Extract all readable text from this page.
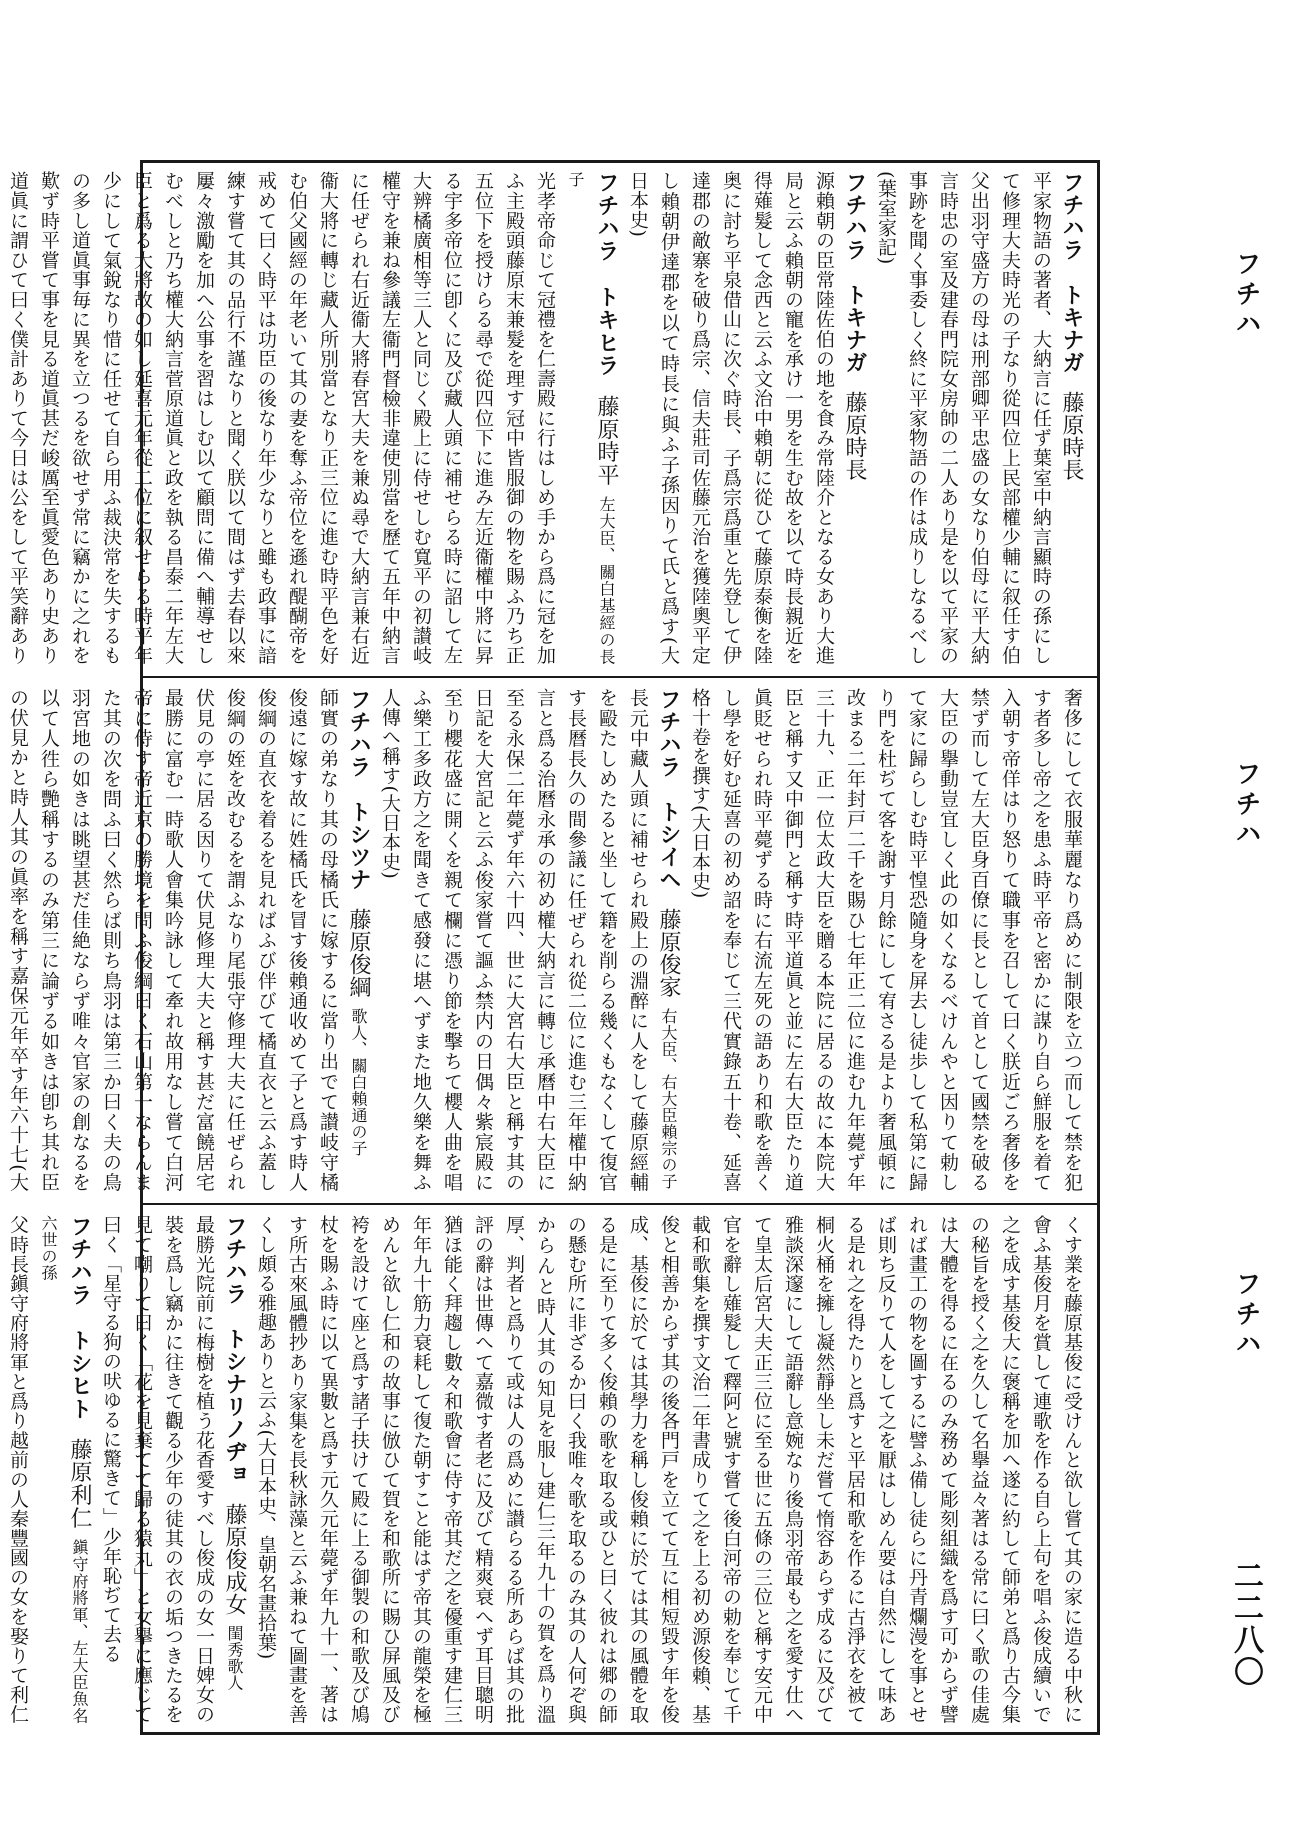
フチハ
フチハ
フチハ

フチハラ　トキナガ藤原時長

平家物語の著者、大納言に任ず葉室中納言顯時の孫にして修理大夫時光の子なり從四位上民部權少輔に叙任す伯父出羽守盛方の母は刑部卿平忠盛の女なり伯母に平大納言時忠の室及建春門院女房帥の二人あり是を以て平家の事跡を聞く事委しく終に平家物語の作は成りしなるべし(葉室家記)

フチハラ　トキナガ藤原時長

源賴朝の臣常陸佐伯の地を食み常陸介となる女あり大進局と云ふ賴朝の寵を承け一男を生む故を以て時長親近を得薙髮して念西と云ふ文治中賴朝に從ひて藤原泰衡を陸奥に討ち平泉借山に次ぐ時長、子爲宗爲重と先登して伊達郡の敵寨を破り爲宗、信夫莊司佐藤元治を獲陸奧平定し賴朝伊達郡を以て時長に與ふ子孫因りて氏と爲す(大日本史)

フチハラ　トキヒラ藤原時平左大臣、關白基經の長子

光孝帝命じて冠禮を仁壽殿に行はしめ手から爲に冠を加ふ主殿頭藤原末兼髮を理す冠中皆服御の物を賜ふ乃ち正五位下を授けらる尋で從四位下に進み左近衞權中將に昇る宇多帝位に卽くに及び藏人頭に補せらる時に詔して左大辨橘廣相等三人と同じく殿上に侍せしむ寬平の初讃岐權守を兼ね參議左衞門督檢非違使別當を歷て五年中納言に任ぜられ右近衞大將春宮大夫を兼ぬ尋で大納言兼右近衞大將に轉じ藏人所別當となり正三位に進む時平色を好む伯父國經の年老いて其の妻を奪ふ帝位を遜れ醍醐帝を戒めて曰く時平は功臣の後なり年少なりと雖も政事に諳練す嘗て其の品行不謹なりと聞く朕以て間はず去春以來屢々激勵を加へ公事を習はしむ以て顧問に備へ輔導せしむべしと乃ち權大納言菅原道眞と政を執る昌泰二年左大臣と爲る大將故の如し延喜元年從二位に叙せらる時平年少にして氣銳なり惜に任せて自ら用ふ裁決常を失するもの多し道眞事毎に異を立つるを欲せず常に竊かに之れを歎ず時平嘗て事を見る道眞甚だ峻厲至眞愛色あり史あり道眞に謂ひて曰く僕計ありて今日は公をして平笑辭あり

奢侈にして衣服華麗なり爲めに制限を立つ而して禁を犯す者多し帝之を患ふ時平帝と密かに謀り自ら鮮服を着て入朝す帝佯はり怒りて職事を召して曰く朕近ごろ奢侈を禁ず而して左大臣身百僚に長として首として國禁を破る大臣の擧動豈宜しく此の如くなるべけんやと因りて勅して家に歸らしむ時平惶恐隨身を屏去し徒歩して私第に歸り門を杜ぢて客を謝す月餘にして宥さる是より奢風頓に改まる二年封戸二千を賜ひ七年正二位に進む九年薨ず年三十九、正一位太政大臣を贈る本院に居るの故に本院大臣と稱す又中御門と稱す時平道眞と並に左右大臣たり道眞貶せられ時平薨ずる時に右流左死の語あり和歌を善くし學を好む延喜の初め詔を奉じて三代實錄五十卷、延喜格十卷を撰す(大日本史)

フチハラ　トシイヘ藤原俊家右大臣、右大臣賴宗の子

長元中藏人頭に補せられ殿上の淵醉に人をして藤原經輔を毆たしめたると坐して籍を削らる幾くもなくして復官す長曆長久の間參議に任ぜられ從二位に進む三年權中納言と爲る治曆永承の初め權大納言に轉じ承曆中右大臣に至る永保二年薨ず年六十四、世に大宮右大臣と稱す其の日記を大宮記と云ふ俊家嘗て謳ふ禁内の日偶々紫宸殿に至り櫻花盛に開くを親て欄に憑り節を擊ちて櫻人曲を唱ふ樂工多政方之を聞きて感發に堪へずまた地久樂を舞ふ人傳へ稱す(大日本史)

フチハラ　トシツナ藤原俊綱歌人、關白賴通の子

師實の弟なり其の母橘氏に嫁するに當り出でて讃岐守橘俊遠に嫁す故に姓橘氏を冒す後賴通收めて子と爲す時人俊綱の直衣を着るを見ればふび伴びて橘直衣と云ふ蓋し俊綱の姪を改むるを謂ふなり尾張守修理大夫に任ぜられ伏見の亭に居る因りて伏見修理大夫と稱す甚だ富饒居宅最勝に富む一時歌人會集吟詠して牽れ故用なし嘗て白河帝に侍す帝近京の勝境を問ふ俊綱曰く石山第一ならんまた其の次を問ふ曰く然らば則ち鳥羽は第三か曰く夫の鳥羽宮地の如きは眺望甚だ佳絶ならず唯々官家の創なるを以て人徃ら艷稱するのみ第三に論ずる如きは卽ち其れ臣の伏見かと時人其の眞率を稱す嘉保元年卒す年六十七(大

くす業を藤原基俊に受けんと欲し嘗て其の家に造る中秋に會ふ基俊月を賞して連歌を作る自ら上句を唱ふ俊成續いで之を成す基俊大に褒稱を加へ遂に約して師弟と爲り古今集の秘旨を授く之を久して名擧益々著はる常に曰く歌の佳處は大體を得るに在るのみ務めて彫刻組織を爲す可からず譬れば畫工の物を圖するに譬ふ備し徒らに丹青爛漫を事とせば則ち反りて人をして之を厭はしめん要は自然にして味ある是れ之を得たりと爲すと平居和歌を作るに古淨衣を被て桐火桶を擁し凝然靜坐し未だ嘗て惰容あらず成るに及びて雅談深邃にして語辭し意婉なり後鳥羽帝最も之を愛す仕へて皇太后宮大夫正三位に至る世に五條の三位と稱す安元中官を辭し薙髮して釋阿と號す嘗て後白河帝の勅を奉じて千載和歌集を撰す文治二年書成りて之を上る初め源俊賴、基俊と相善からず其の後各門戸を立てて互に相短毀す年を俊成、基俊に於ては其學力を稱し俊賴に於ては其の風體を取る是に至りて多く俊賴の歌を取る或ひと曰く彼れは郷の師の懸む所に非ざるか曰く我唯々歌を取るのみ其の人何ぞ與からんと時人其の知見を服し建仁三年九十の賀を爲り溫厚、判者と爲りて或は人の爲めに讃らるる所あらば其の批評の辭は世傳へて嘉微す者老に及びて精爽衰へず耳目聰明猶ほ能く拜趨し數々和歌會に侍す帝其だ之を優重す建仁三年年九十筋力衰耗して復た朝すこと能はず帝其の龍榮を極めんと欲し仁和の故事に倣ひて賀を和歌所に賜ひ屏風及び袴を設けて座と爲す諸子扶けて殿に上る御製の和歌及び鳩杖を賜ふ時に以て異數と爲す元久元年薨ず年九十一、著はす所古來風體抄あり家集を長秋詠藻と云ふ兼ねて圖畫を善くし頗る雅趣ありと云ふ(大日本史、皇朝名畫拾葉)

フチハラ　トシナリノヂョ藤原俊成女閨秀歌人

最勝光院前に梅樹を植う花香愛すべし俊成の女一日婢女の裝を爲し竊かに往きて觀る少年の徒其の衣の垢つきたるを見て嘲りて曰く「花を見棄てて歸る猿丸」と女擧に應じて曰く「星守る狗の吠ゆるに驚きて」少年恥ぢて去る

フチハラ　トシヒト藤原利仁鎭守府將軍、左大臣魚名六世の孫

父時長鎭守府將軍と爲り越前の人秦豐國の女を娶りて利仁

二二八〇
